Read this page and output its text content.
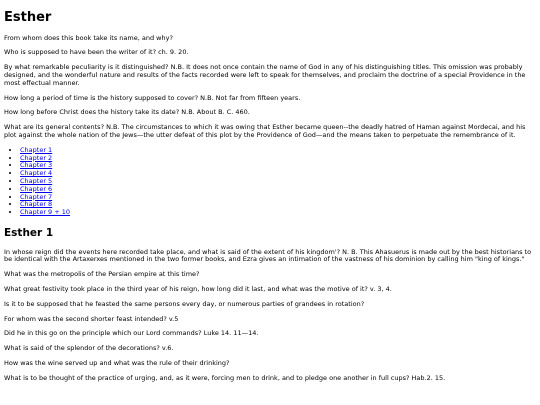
Esther

From whom does this book take its name, and why?

Who is supposed to have been the writer of it? ch. 9. 20.

By what remarkable peculiarity is it distinguished? N.B. It does not once contain the name of God in any of his distinguishing titles. This omission was probably designed, and the wonderful nature and results of the facts recorded were left to speak for themselves, and proclaim the doctrine of a special Providence in the most effectual manner.

How long a period of time is the history supposed to cover? N.B. Not far from fifteen years.

How long before Christ does the history take its date? N.B. About B. C. 460.

What are its general contents? N.B. The circumstances to which it was owing that Esther became queen--the deadly hatred of Haman against Mordecai, and his plot against the whole nation of the Jews—the utter defeat of this plot by the Providence of God—and the means taken to perpetuate the remembrance of it.

• Chapter 1
• Chapter 2
• Chapter 3
• Chapter 4
• Chapter 5
• Chapter 6
• Chapter 7
• Chapter 8
• Chapter 9 + 10
Esther 1

In whose reign did the events here recorded take place, and what is said of the extent of his kingdom'? N. B. This Ahasuerus is made out by the best historians to be identical with the Artaxerxes mentioned in the two former books, and Ezra gives an intimation of the vastness of his dominion by calling him "king of kings."

What was the metropolis of the Persian empire at this time?

What great festivity took place in the third year of his reign, how long did it last, and what was the motive of it? v. 3, 4.

Is it to be supposed that he feasted the same persons every day, or numerous parties of grandees in rotation?

For whom was the second shorter feast intended? v.5

Did he in this go on the principle which our Lord commands? Luke 14. 11—14.

What is said of the splendor of the decorations? v.6.

How was the wine served up and what was the rule of their drinking?

What is to be thought of the practice of urging, and, as it were, forcing men to drink, and to pledge one another in full cups? Hab.2. 15.
